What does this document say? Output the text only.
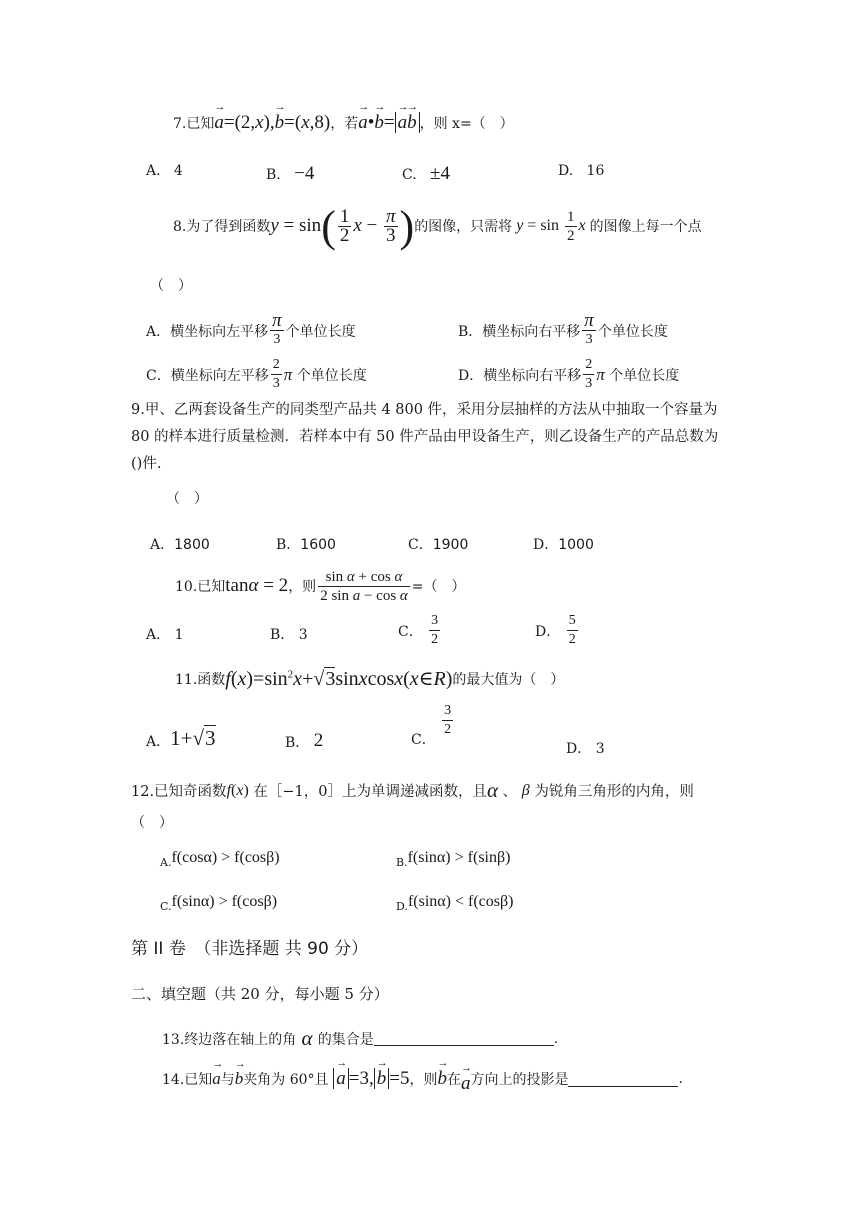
7.已知→ a=(2,x),→ b=(x,8)，若→ a•→ b= → a→ b ，则 x=（　）
A. 4	B. −4	C. ±4	D. 16
8.为了得到函数 y = sin ( $\frac{1}{2}$ $x - \frac{\pi}{3}$ ) 的图像，只需将
$y = \sin \frac{1}{2}$ x
的图像上每一个点
（　）
A． 横坐标向左平移 $\frac{\pi}{3}$ 个单位长度	B． 横坐标向右平移 $\frac{\pi}{3}$ 个单位长度
C． 横坐标向左平移 $\frac{2}{3}$ π
个单位长度	D． 横坐标向右平移 $\frac{2}{3}$ π
个单位长度
9.甲、乙两套设备生产的同类型产品共 4 800 件，采用分层抽样的方法从中抽取一个容量为
80 的样本进行质量检测．若样本中有 50 件产品由甲设备生产，则乙设备生产的产品总数为
()件.
（　）
A．1800	B．1600	C．1900	D．1000
10.已知 tanα = 2 ，则 $\frac{\text{sin α + cos α}}{\text{2 sin a − cos α}}$ =（　）
A． 1	B． 3	C．
$\frac{3}{2}$	D．
$\frac{5}{2}$
11.函数 $f(x)=\sin^2x+√3sinxcosx(x\in R)$ 的最大值为（　）
A． 1+√3	B．
2	C．

$\frac{3}{2}$
D． 3
12.已知奇函数 f(x)
在［−1，0］上为单调递减函数，且 α
、
β
为锐角三角形的内角，则
（　）
A. f(cosα) > f(cosβ)	B. f(sinα) > f(sinβ)
C. f(sinα) > f(cosβ)	D. f(sinα) < f(cosβ)
第 II 卷　（非选择题 共 90 分）
二、填空题（共 20 分，每小题 5 分）
13.终边落在轴上的角 α 的集合是	.
14.已知 → a 与 → b 夹角为 60°且 → a =3, → b =5 ，则 → b 在 → a 方向上的投影是	.
